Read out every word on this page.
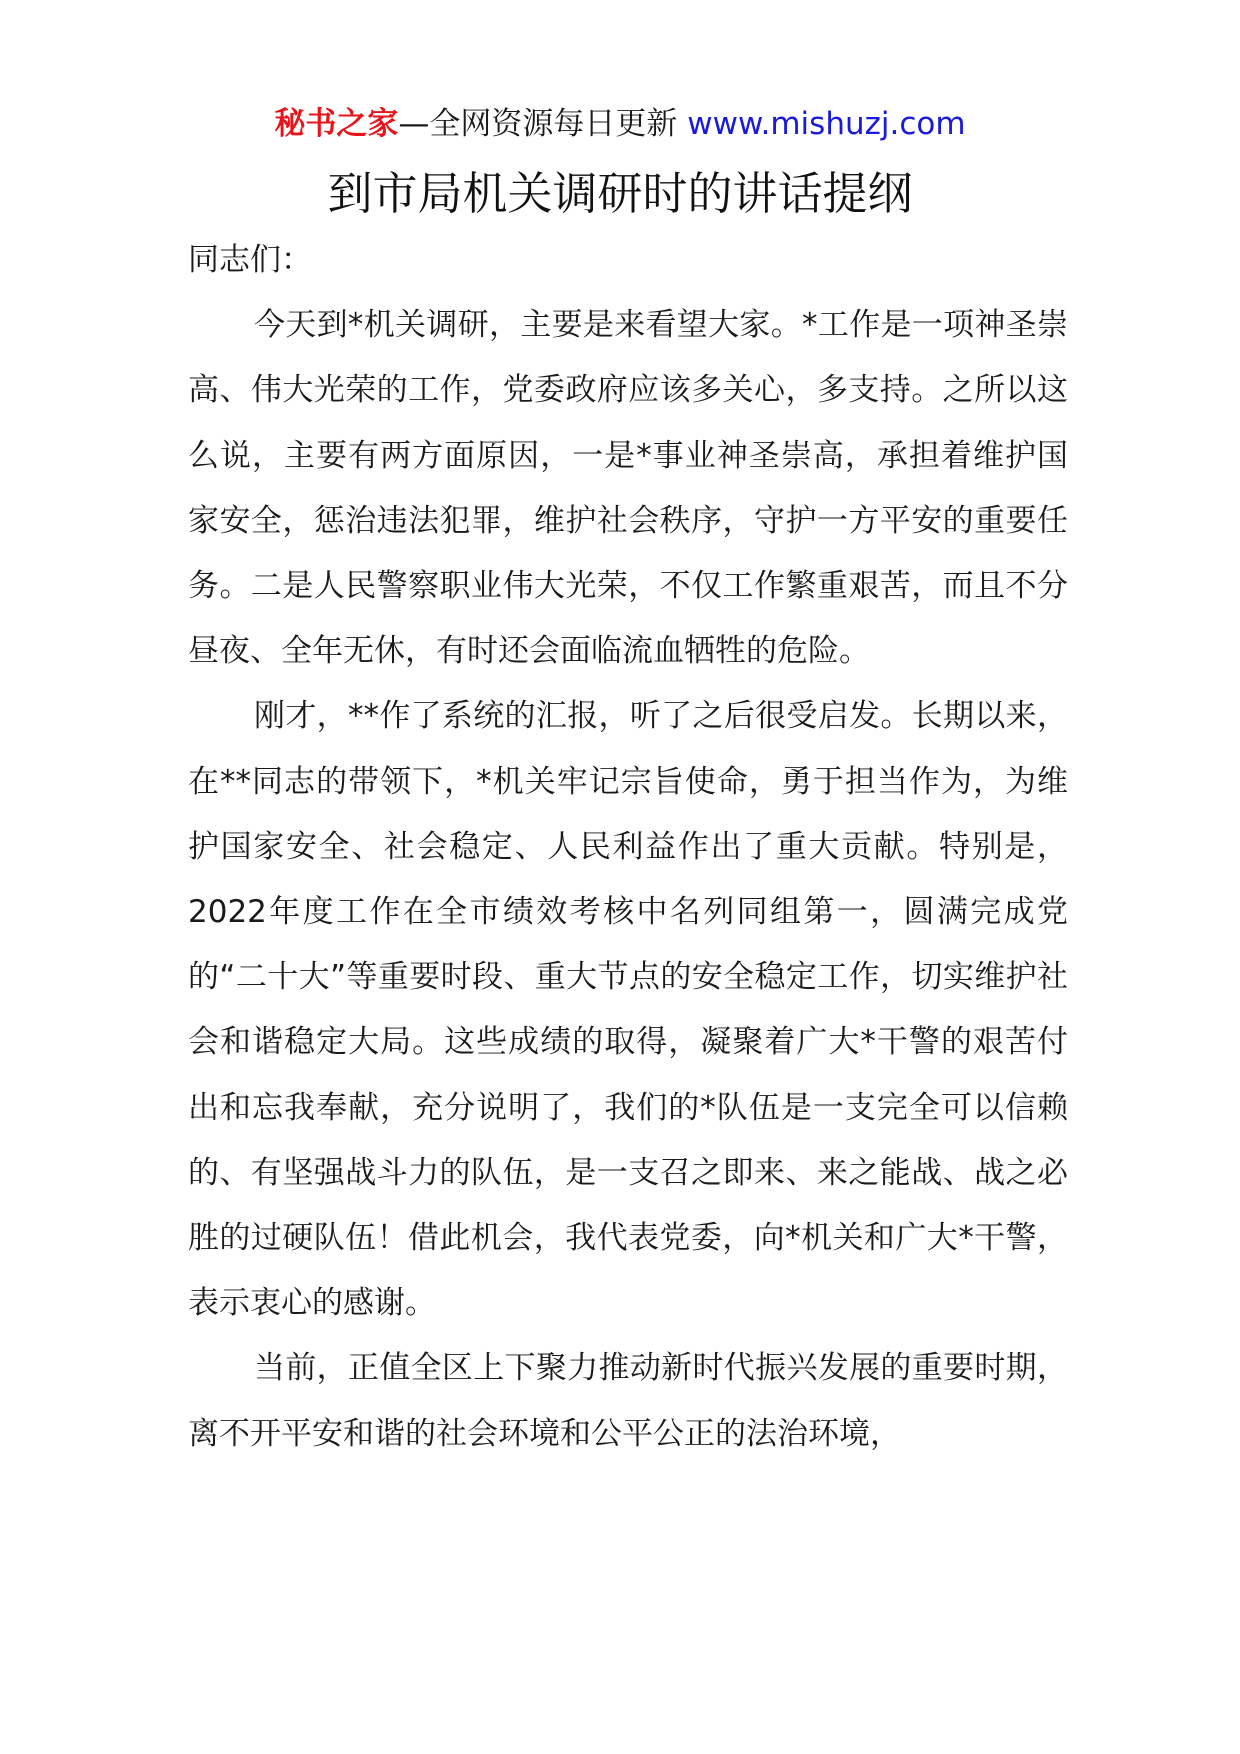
秘书之家—全网资源每日更新 www.mishuzj.com
到市局机关调研时的讲话提纲

同志们：

今天到*机关调研，主要是来看望大家。*工作是一项神圣崇高、伟大光荣的工作，党委政府应该多关心，多支持。之所以这么说，主要有两方面原因，一是*事业神圣崇高，承担着维护国家安全，惩治违法犯罪，维护社会秩序，守护一方平安的重要任务。二是人民警察职业伟大光荣，不仅工作繁重艰苦，而且不分昼夜、全年无休，有时还会面临流血牺牲的危险。

刚才，**作了系统的汇报，听了之后很受启发。长期以来，在**同志的带领下，*机关牢记宗旨使命，勇于担当作为，为维护国家安全、社会稳定、人民利益作出了重大贡献。特别是，2022年度工作在全市绩效考核中名列同组第一，圆满完成党的“二十大”等重要时段、重大节点的安全稳定工作，切实维护社会和谐稳定大局。这些成绩的取得，凝聚着广大*干警的艰苦付出和忘我奉献，充分说明了，我们的*队伍是一支完全可以信赖的、有坚强战斗力的队伍，是一支召之即来、来之能战、战之必胜的过硬队伍！借此机会，我代表党委，向*机关和广大*干警，表示衷心的感谢。

当前，正值全区上下聚力推动新时代振兴发展的重要时期，离不开平安和谐的社会环境和公平公正的法治环境，
